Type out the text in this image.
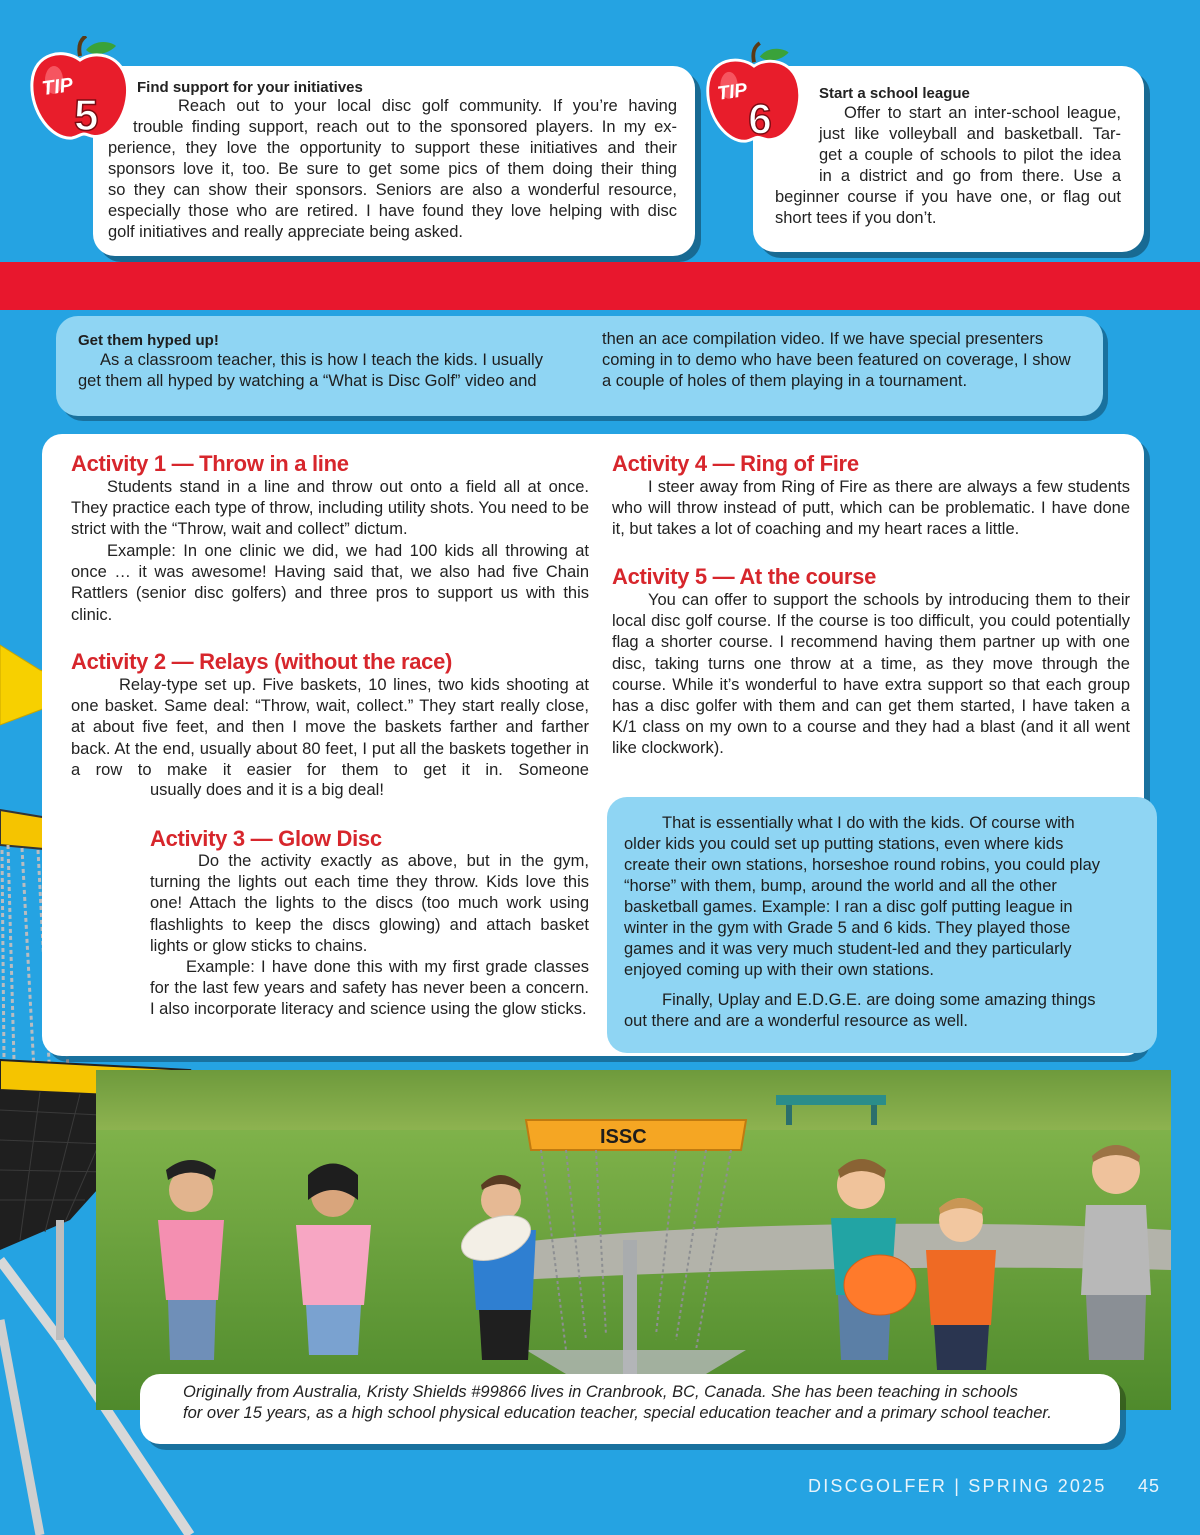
Find support for your initiatives
Reach out to your local disc golf community. If you’re having
trouble finding support, reach out to the sponsored players. In my ex-
perience, they love the opportunity to support these initiatives and their
sponsors love it, too. Be sure to get some pics of them doing their thing
so they can show their sponsors. Seniors are also a wonderful resource,
especially those who are retired. I have found they love helping with disc
golf initiatives and really appreciate being asked.
TIP
5	Start a school league
Offer to start an inter-school league,
just like volleyball and basketball. Tar-
get a couple of schools to pilot the idea
in a district and go from there. Use a
beginner course if you have one, or flag out
short tees if you don’t.
TIP
6
Get them hyped up!
As a classroom teacher, this is how I teach the kids. I usually
get them all hyped by watching a “What is Disc Golf” video and
then an ace compilation video. If we have special presenters
coming in to demo who have been featured on coverage, I show
a couple of holes of them playing in a tournament.
Activity 1 — Throw in a line
Students stand in a line and throw out onto a field all at once. They practice each type of throw, including utility shots. You need to be strict with the “Throw, wait and collect” dictum.
Example: In one clinic we did, we had 100 kids all throwing at once … it was awesome! Having said that, we also had five Chain Rattlers (senior disc golfers) and three pros to support us with this clinic.
Activity 2 — Relays (without the race)
Relay-type set up. Five baskets, 10 lines, two kids shooting at one basket. Same deal: “Throw, wait, collect.” They start really close, at about five feet, and then I move the baskets farther and farther back. At the end, usually about 80 feet, I put all the baskets together in a row to make it easier for them to get it in. Someone
usually does and it is a big deal!
Activity 3 — Glow Disc
Do the activity exactly as above, but in the gym, turning the lights out each time they throw. Kids love this one! Attach the lights to the discs (too much work using flashlights to keep the discs glowing) and attach basket lights or glow sticks to chains.
Example: I have done this with my first grade classes for the last few years and safety has never been a concern. I also incorporate literacy and science using the glow sticks.
Activity 4 — Ring of Fire
I steer away from Ring of Fire as there are always a few students who will throw instead of putt, which can be problematic. I have done it, but takes a lot of coaching and my heart races a little.
Activity 5 — At the course
You can offer to support the schools by introducing them to their local disc golf course. If the course is too difficult, you could potentially flag a shorter course. I recommend having them partner up with one disc, taking turns one throw at a time, as they move through the course. While it’s wonderful to have extra support so that each group has a disc golfer with them and can get them started, I have taken a K/1 class on my own to a course and they had a blast (and it all went like clockwork).
That is essentially what I do with the kids. Of course with
older kids you could set up putting stations, even where kids
create their own stations, horseshoe round robins, you could play
“horse” with them, bump, around the world and all the other
basketball games. Example: I ran a disc golf putting league in
winter in the gym with Grade 5 and 6 kids. They played those
games and it was very much student-led and they particularly
enjoyed coming up with their own stations.
Finally, Uplay and E.D.G.E. are doing some amazing things
out there and are a wonderful resource as well.
ISSC
Originally from Australia, Kristy Shields #99866 lives in Cranbrook, BC, Canada. She has been teaching in schools
for over 15 years, as a high school physical education teacher, special education teacher and a primary school teacher.
DISCGOLFER | SPRING 2025 45
